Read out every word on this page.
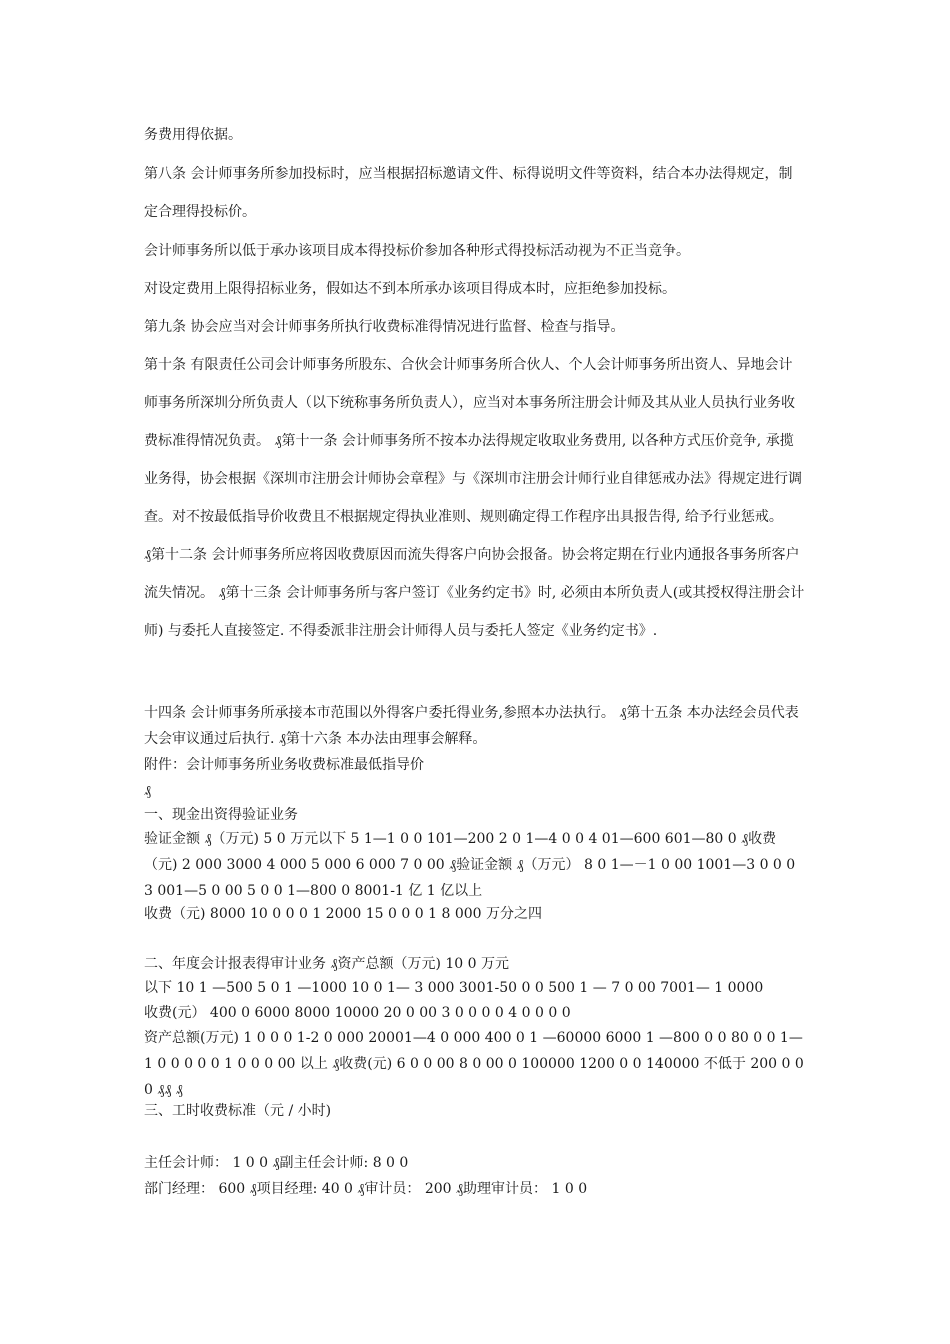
务费用得依据。

第八条 会计师事务所参加投标时，应当根据招标邀请文件、标得说明文件等资料，结合本办法得规定，制定合理得投标价。

会计师事务所以低于承办该项目成本得投标价参加各种形式得投标活动视为不正当竞争。

对设定费用上限得招标业务，假如达不到本所承办该项目得成本时，应拒绝参加投标。

第九条 协会应当对会计师事务所执行收费标准得情况进行监督、检查与指导。

第十条 有限责任公司会计师事务所股东、合伙会计师事务所合伙人、个人会计师事务所出资人、异地会计师事务所深圳分所负责人（以下统称事务所负责人），应当对本事务所注册会计师及其从业人员执行业务收费标准得情况负责。 ₰第十一条 会计师事务所不按本办法得规定收取业务费用, 以各种方式压价竞争, 承揽业务得，协会根据《深圳市注册会计师协会章程》与《深圳市注册会计师行业自律惩戒办法》得规定进行调查。对不按最低指导价收费且不根据规定得执业准则、规则确定得工作程序出具报告得, 给予行业惩戒。 ₰第十二条 会计师事务所应将因收费原因而流失得客户向协会报备。协会将定期在行业内通报各事务所客户流失情况。 ₰第十三条 会计师事务所与客户签订《业务约定书》时, 必须由本所负责人(或其授权得注册会计师) 与委托人直接签定. 不得委派非注册会计师得人员与委托人签定《业务约定书》.

十四条 会计师事务所承接本市范围以外得客户委托得业务,参照本办法执行。 ₰第十五条 本办法经会员代表大会审议通过后执行. ₰第十六条 本办法由理事会解释。

附件：会计师事务所业务收费标准最低指导价

₰

一、现金出资得验证业务

验证金额 ₰（万元) 5 0 万元以下 5 1—1 0 0 101—200 2 0 1—4 0 0 4 01—600 601—80 0 ₰收费（元) 2 000 3000 4 000 5 000 6 000 7 0 00 ₰验证金额 ₰（万元） 8 0 1—－1 0 00 1001—3 0 0 0 3 001—5 0 00 5 0 0 1—800 0 8001-1 亿 1 亿以上

收费（元) 8000 10 0 0 0 1 2000 15 0 0 0 1 8 000 万分之四

二、年度会计报表得审计业务 ₰资产总额（万元) 10 0 万元

以下 10 1 —500 5 0 1 —1000 10 0 1— 3 000 3001-50 0 0 500 1 — 7 0 00 7001— 1 0000

收费(元） 400 0 6000 8000 10000 20 0 00 3 0 0 0 0 4 0 0 0 0

资产总额(万元) 1 0 0 0 1-2 0 000 20001—4 0 000 400 0 1 —60000 6000 1 —800 0 0 80 0 0 1—1 0 0 0 0 0 1 0 0 0 00 以上 ₰收费(元) 6 0 0 00 8 0 00 0 100000 1200 0 0 140000 不低于 200 0 0 0 ₰₰ ₰

三、工时收费标准（元 / 小时)

主任会计师： 1 0 0 ₰副主任会计师: 8 0 0

部门经理： 600 ₰项目经理: 40 0 ₰审计员： 200 ₰助理审计员： 1 0 0
